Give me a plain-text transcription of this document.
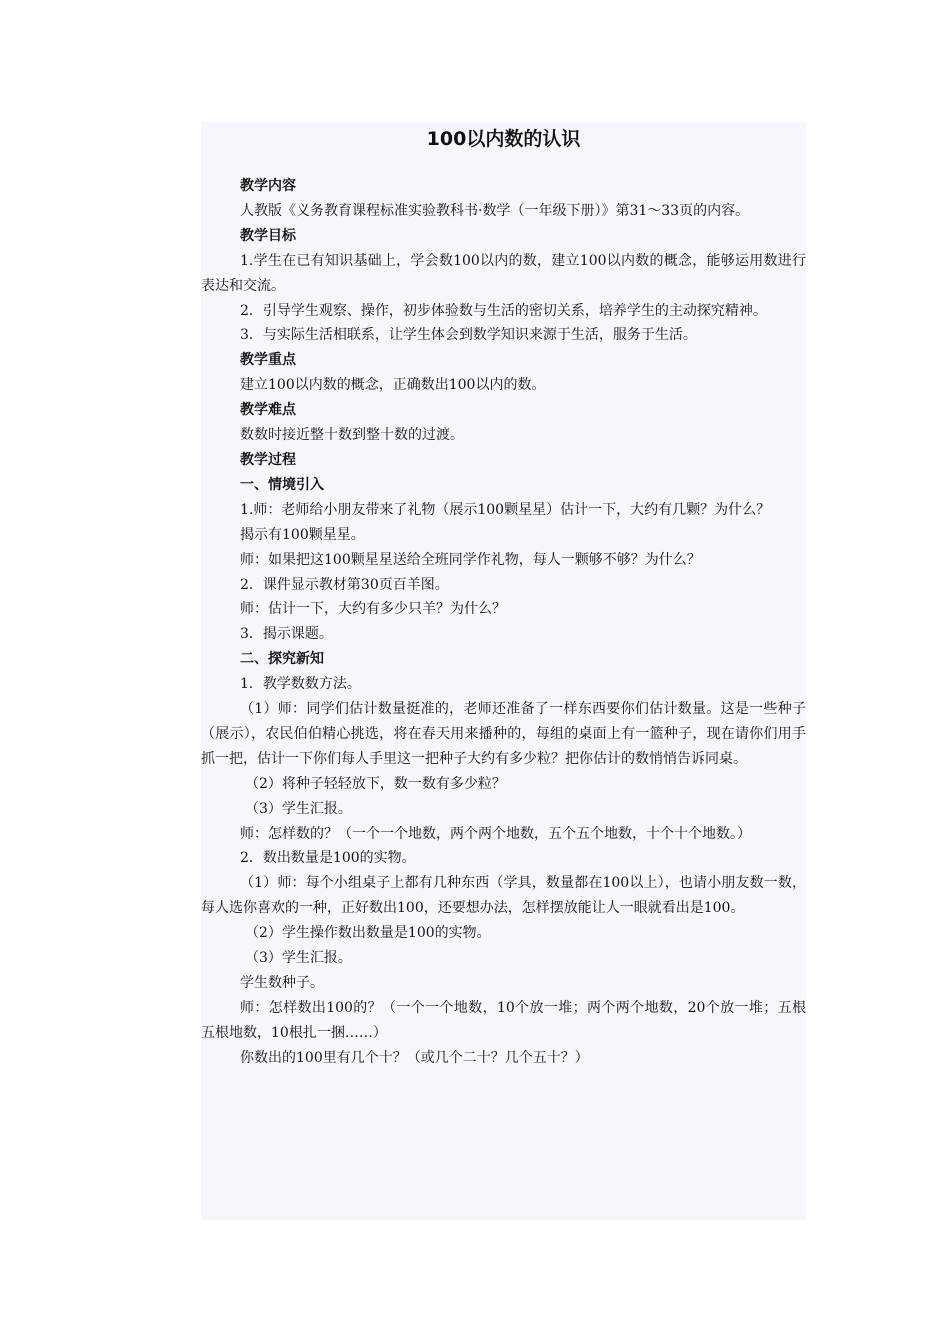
100以内数的认识

教学内容

人教版《义务教育课程标准实验教科书·数学（一年级下册）》第31～33页的内容。

教学目标

1.学生在已有知识基础上，学会数100以内的数，建立100以内数的概念，能够运用数进行表达和交流。

2．引导学生观察、操作，初步体验数与生活的密切关系，培养学生的主动探究精神。

3．与实际生活相联系，让学生体会到数学知识来源于生活，服务于生活。

教学重点

建立100以内数的概念，正确数出100以内的数。

教学难点

数数时接近整十数到整十数的过渡。

教学过程

一、情境引入

1.师：老师给小朋友带来了礼物（展示100颗星星）估计一下，大约有几颗？为什么？

揭示有100颗星星。

师：如果把这100颗星星送给全班同学作礼物，每人一颗够不够？为什么？

2．课件显示教材第30页百羊图。

师：估计一下，大约有多少只羊？为什么？

3．揭示课题。

二、探究新知

1．教学数数方法。

（1）师：同学们估计数量挺准的，老师还准备了一样东西要你们估计数量。这是一些种子（展示），农民伯伯精心挑选，将在春天用来播种的，每组的桌面上有一篮种子，现在请你们用手抓一把，估计一下你们每人手里这一把种子大约有多少粒？把你估计的数悄悄告诉同桌。

（2）将种子轻轻放下，数一数有多少粒？

（3）学生汇报。

师：怎样数的？（一个一个地数，两个两个地数，五个五个地数，十个十个地数。）

2．数出数量是100的实物。

（1）师：每个小组桌子上都有几种东西（学具，数量都在100以上），也请小朋友数一数，每人选你喜欢的一种，正好数出100，还要想办法，怎样摆放能让人一眼就看出是100。

（2）学生操作数出数量是100的实物。

（3）学生汇报。

学生数种子。

师：怎样数出100的？（一个一个地数，10个放一堆；两个两个地数，20个放一堆；五根五根地数，10根扎一捆……）

你数出的100里有几个十？（或几个二十？几个五十？）
